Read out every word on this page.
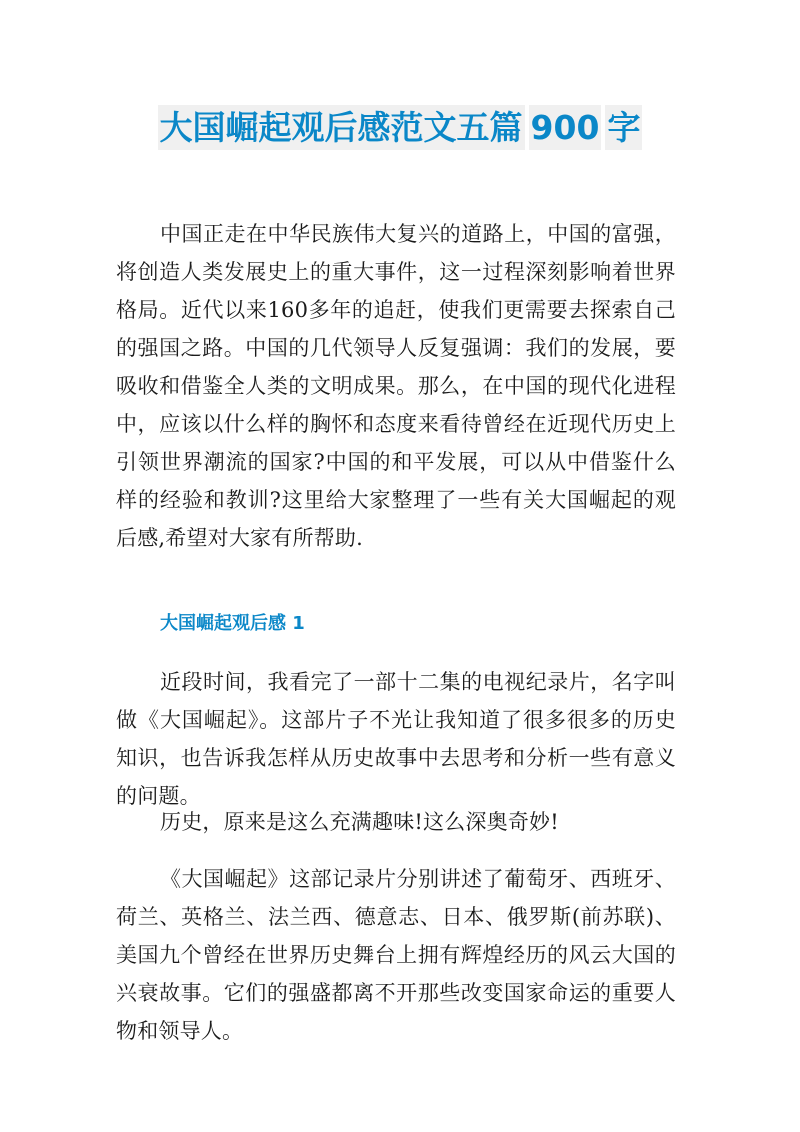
大国崛起观后感范文五篇 900 字

中国正走在中华民族伟大复兴的道路上，中国的富强，将创造人类发展史上的重大事件，这一过程深刻影响着世界格局。近代以来160多年的追赶，使我们更需要去探索自己的强国之路。中国的几代领导人反复强调：我们的发展，要吸收和借鉴全人类的文明成果。那么，在中国的现代化进程中，应该以什么样的胸怀和态度来看待曾经在近现代历史上引领世界潮流的国家?中国的和平发展，可以从中借鉴什么样的经验和教训?这里给大家整理了一些有关大国崛起的观后感,希望对大家有所帮助.

大国崛起观后感 1

近段时间，我看完了一部十二集的电视纪录片，名字叫做《大国崛起》。这部片子不光让我知道了很多很多的历史知识，也告诉我怎样从历史故事中去思考和分析一些有意义的问题。

历史，原来是这么充满趣味!这么深奥奇妙!

《大国崛起》这部记录片分别讲述了葡萄牙、西班牙、荷兰、英格兰、法兰西、德意志、日本、俄罗斯(前苏联)、美国九个曾经在世界历史舞台上拥有辉煌经历的风云大国的兴衰故事。它们的强盛都离不开那些改变国家命运的重要人物和领导人。
